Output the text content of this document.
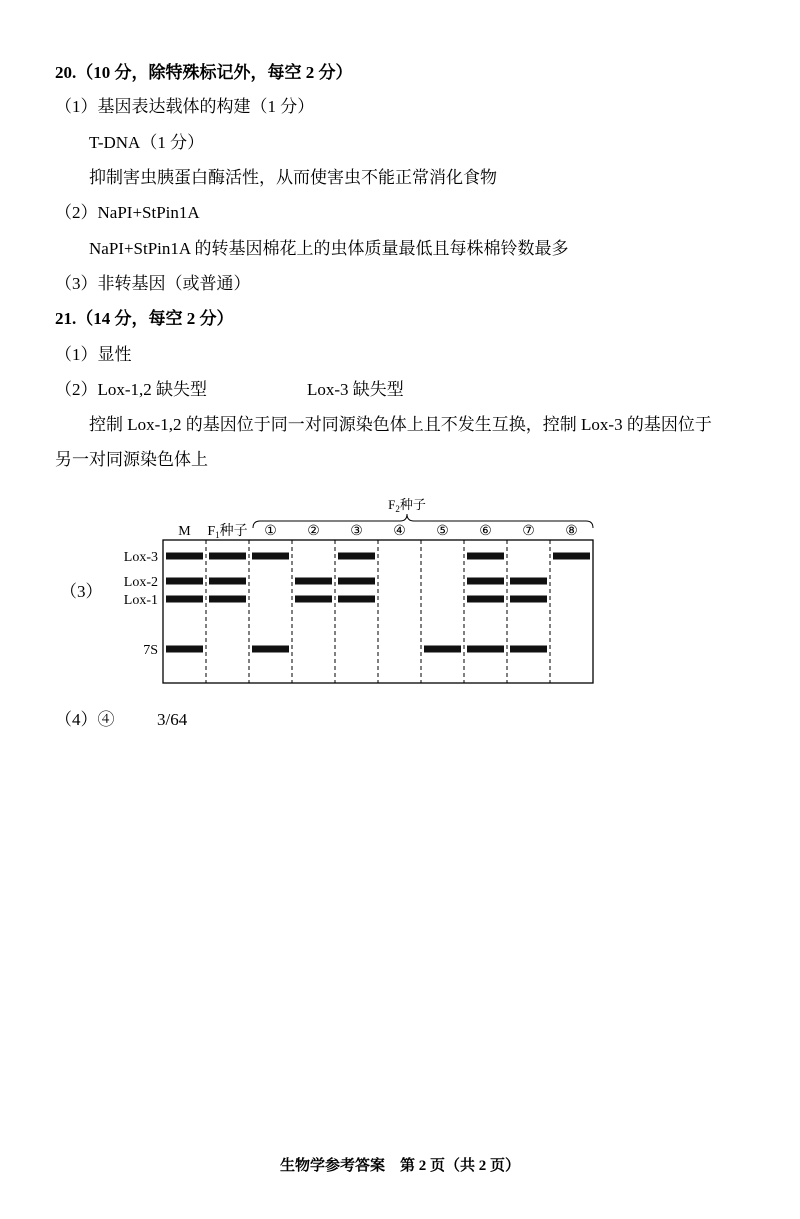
20.（10 分，除特殊标记外，每空 2 分）
（1）基因表达载体的构建（1 分）
T-DNA（1 分）
抑制害虫胰蛋白酶活性，从而使害虫不能正常消化食物
（2）NaPI+StPin1A
NaPI+StPin1A 的转基因棉花上的虫体质量最低且每株棉铃数最多
（3）非转基因（或普通）
21.（14 分，每空 2 分）
（1）显性
（2）Lox-1,2 缺失型	Lox-3 缺失型
控制 Lox-1,2 的基因位于同一对同源染色体上且不发生互换，控制 Lox-3 的基因位于
另一对同源染色体上
（3）
M $F_1$种子 ① ② ③ ④ ⑤ ⑥ ⑦ ⑧
Lox-3
Lox-2
Lox-1
7S
$F_2$种子
（4）④	3/64
生物学参考答案　第 2 页（共 2 页）
